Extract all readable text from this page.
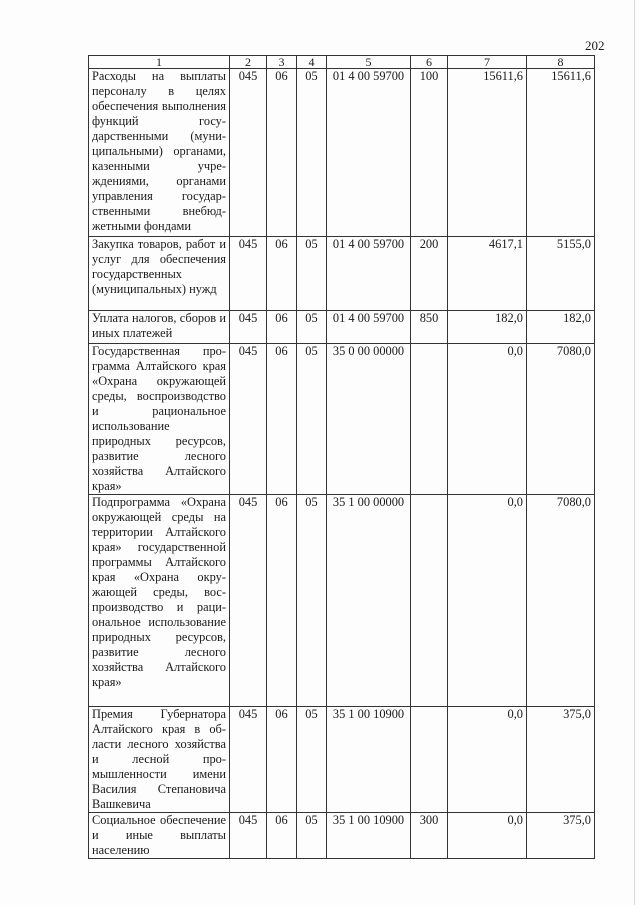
202
1	2	3	4	5	6	7	8
Расходы на выплаты персоналу в целях обеспечения выполнения функций государственными (муниципальными) органами, казенными учреждениями, органами управления государственными внебюджетными фондами	045	06	05	01 4 00 59700	100	15611,6	15611,6
Закупка товаров, работ и услуг для обеспечения государственных (муниципальных) нужд	045	06	05	01 4 00 59700	200	4617,1	5155,0
Уплата налогов, сборов и иных платежей	045	06	05	01 4 00 59700	850	182,0	182,0
Государственная программа Алтайского края «Охрана окружающей среды, воспроизводство и рациональное использование природных ресурсов, развитие лесного хозяйства Алтайского края»	045	06	05	35 0 00 00000		0,0	7080,0
Подпрограмма «Охрана окружающей среды на территории Алтайского края» государственной программы Алтайского края «Охрана окружающей среды, воспроизводство и рациональное использование природных ресурсов, развитие лесного хозяйства Алтайского края»	045	06	05	35 1 00 00000		0,0	7080,0
Премия Губернатора Алтайского края в области лесного хозяйства и лесной промышленности имени Василия Степановича Вашкевича	045	06	05	35 1 00 10900		0,0	375,0
Социальное обеспечение и иные выплаты населению	045	06	05	35 1 00 10900	300	0,0	375,0
